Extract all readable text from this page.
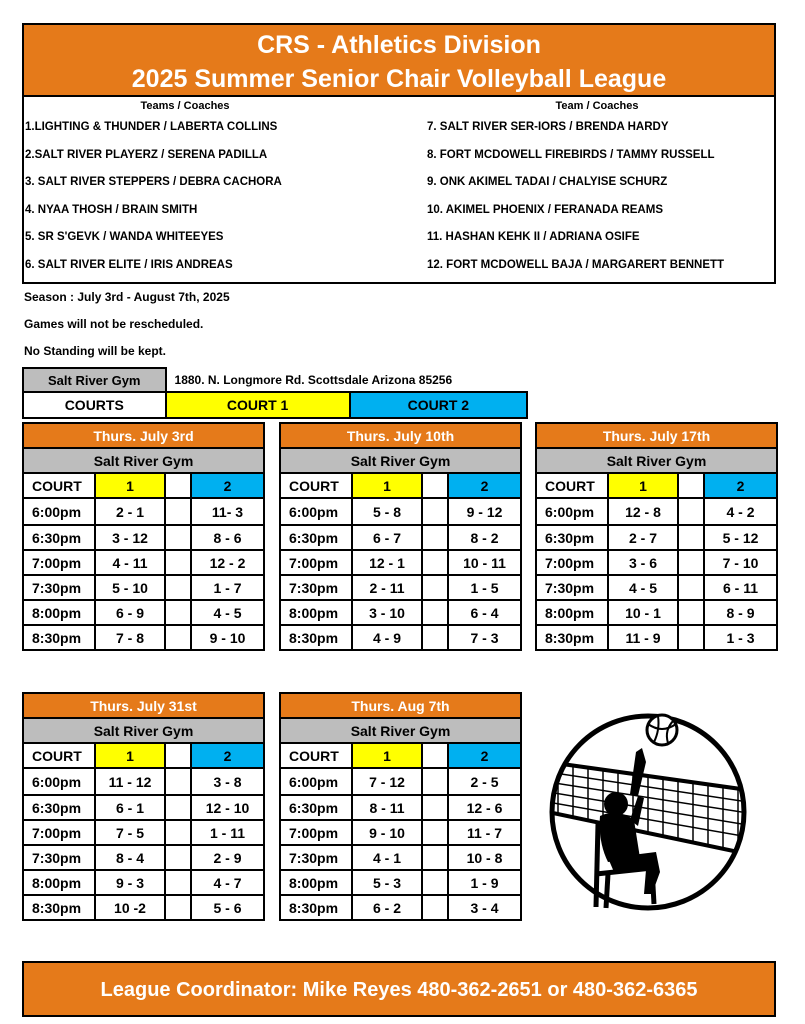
CRS - Athletics Division
2025 Summer Senior Chair Volleyball League
Teams / Coaches
1.LIGHTING & THUNDER / LABERTA COLLINS
2.SALT RIVER PLAYERZ / SERENA PADILLA
3. SALT RIVER STEPPERS / DEBRA CACHORA
4. NYAA THOSH / BRAIN SMITH
5. SR S'GEVK / WANDA WHITEEYES
6. SALT RIVER ELITE / IRIS ANDREAS
Team / Coaches
7. SALT RIVER SER-IORS / BRENDA HARDY
8. FORT MCDOWELL FIREBIRDS / TAMMY RUSSELL
9. ONK AKIMEL TADAI / CHALYISE SCHURZ
10. AKIMEL PHOENIX / FERANADA REAMS
11. HASHAN KEHK II / ADRIANA OSIFE
12. FORT MCDOWELL BAJA / MARGARERT BENNETT
Season : July 3rd - August 7th, 2025
Games will not be rescheduled.
No Standing will be kept.
Salt River Gym	1880. N. Longmore Rd. Scottsdale Arizona 85256	
COURTS	COURT 1	COURT 2
Thurs. July 3rd			
Salt River Gym			
COURT	1		2
6:00pm	2 - 1		11- 3
6:30pm	3 - 12		8 - 6
7:00pm	4 - 11		12 - 2
7:30pm	5 - 10		1 - 7
8:00pm	6 - 9		4 - 5
8:30pm	7 - 8		9 - 10
Thurs. July 10th			
Salt River Gym			
COURT	1		2
6:00pm	5 - 8		9 - 12
6:30pm	6 - 7		8 - 2
7:00pm	12 - 1		10 - 11
7:30pm	2 - 11		1 - 5
8:00pm	3 - 10		6 - 4
8:30pm	4 - 9		7 - 3
Thurs. July 17th			
Salt River Gym			
COURT	1		2
6:00pm	12 - 8		4 - 2
6:30pm	2 - 7		5 - 12
7:00pm	3 - 6		7 - 10
7:30pm	4 - 5		6 - 11
8:00pm	10 - 1		8 - 9
8:30pm	11 - 9		1 - 3
Thurs. July 31st			
Salt River Gym			
COURT	1		2
6:00pm	11 - 12		3 - 8
6:30pm	6 - 1		12 - 10
7:00pm	7 - 5		1 - 11
7:30pm	8 - 4		2 - 9
8:00pm	9 - 3		4 - 7
8:30pm	10 -2		5 - 6
Thurs. Aug 7th			
Salt River Gym			
COURT	1		2
6:00pm	7 - 12		2 - 5
6:30pm	8 - 11		12 - 6
7:00pm	9 - 10		11 - 7
7:30pm	4 - 1		10 - 8
8:00pm	5 - 3		1 - 9
8:30pm	6 - 2		3 - 4
League Coordinator: Mike Reyes 480-362-2651 or 480-362-6365
